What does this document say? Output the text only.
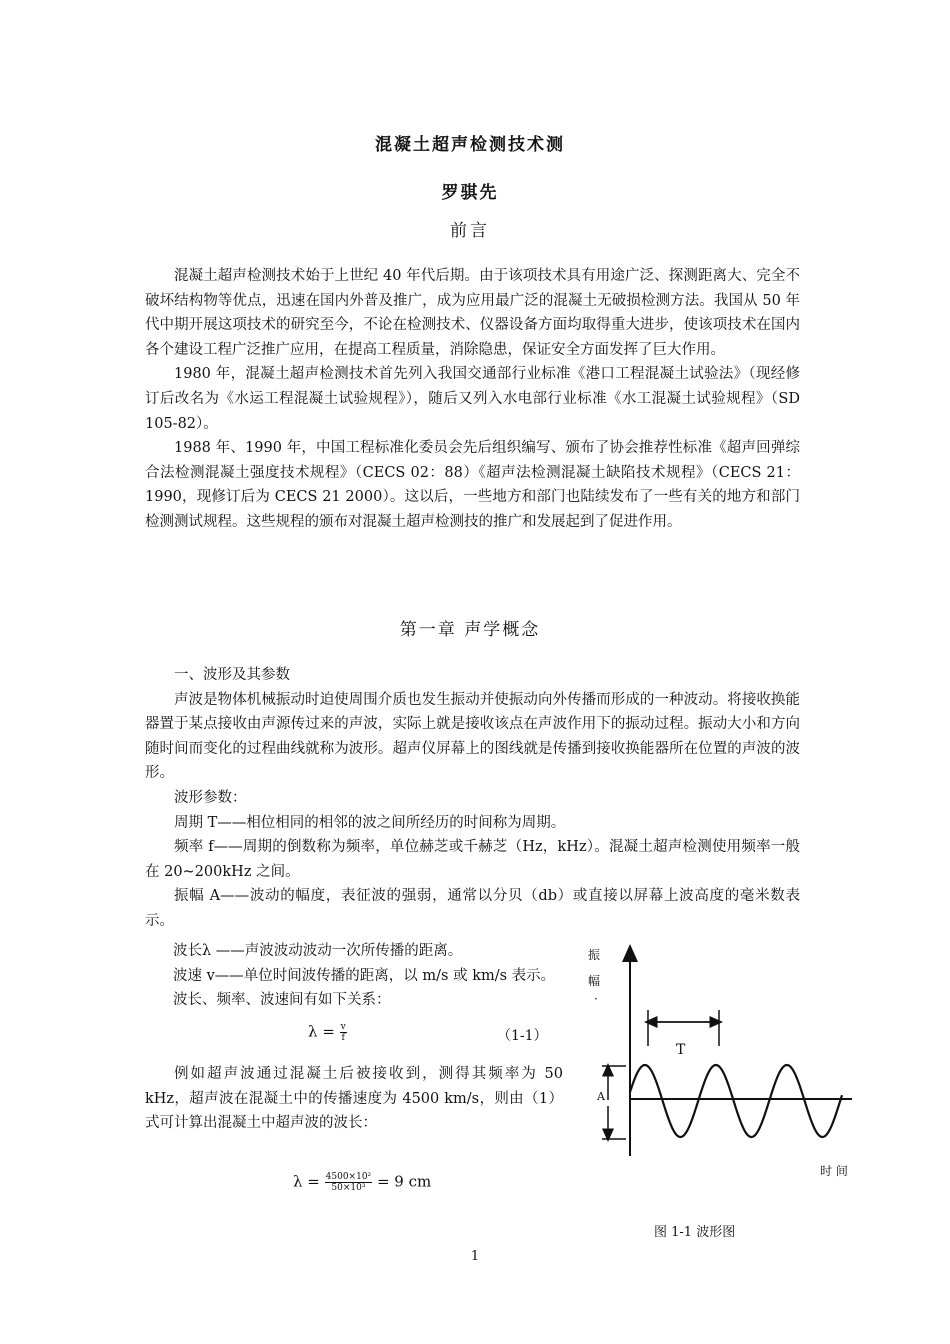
混凝土超声检测技术测
罗骐先
前言

混凝土超声检测技术始于上世纪 40 年代后期。由于该项技术具有用途广泛、探测距离大、完全不破坏结构物等优点，迅速在国内外普及推广，成为应用最广泛的混凝土无破损检测方法。我国从 50 年代中期开展这项技术的研究至今，不论在检测技术、仪器设备方面均取得重大进步，使该项技术在国内各个建设工程广泛推广应用，在提高工程质量，消除隐患，保证安全方面发挥了巨大作用。

1980 年，混凝土超声检测技术首先列入我国交通部行业标准《港口工程混凝土试验法》（现经修订后改名为《水运工程混凝土试验规程》），随后又列入水电部行业标准《水工混凝土试验规程》（SD 105-82）。

1988 年、1990 年，中国工程标准化委员会先后组织编写、颁布了协会推荐性标准《超声回弹综合法检测混凝土强度技术规程》（CECS 02：88）《超声法检测混凝土缺陷技术规程》（CECS 21：1990，现修订后为 CECS 21 2000）。这以后，一些地方和部门也陆续发布了一些有关的地方和部门检测测试规程。这些规程的颁布对混凝土超声检测技的推广和发展起到了促进作用。

第一章 声学概念

一、波形及其参数

声波是物体机械振动时迫使周围介质也发生振动并使振动向外传播而形成的一种波动。将接收换能器置于某点接收由声源传过来的声波，实际上就是接收该点在声波作用下的振动过程。振动大小和方向随时间而变化的过程曲线就称为波形。超声仪屏幕上的图线就是传播到接收换能器所在位置的声波的波形。

波形参数：

周期 T——相位相同的相邻的波之间所经历的时间称为周期。

频率 f——周期的倒数称为频率，单位赫芝或千赫芝（Hz，kHz）。混凝土超声检测使用频率一般在 20~200kHz 之间。

振幅 A——波动的幅度，表征波的强弱，通常以分贝（db）或直接以屏幕上波高度的毫米数表示。

波长λ ——声波波动波动一次所传播的距离。
波速 v——单位时间波传播的距离，以 m/s 或 km/s 表示。
波长、频率、波速间有如下关系：
$\lambda = \frac{v}{f}$	（1-1）
例如超声波通过混凝土后被接收到，测得其频率为 50 kHz，超声波在混凝土中的传播速度为 4500 km/s，则由（1）式可计算出混凝土中超声波的波长：
$\lambda = \frac{\text{4500×10²}}{\text{50×10³}} = 9$ cm
振
幅
·
时 间
T
A
图 1-1 波形图
1
